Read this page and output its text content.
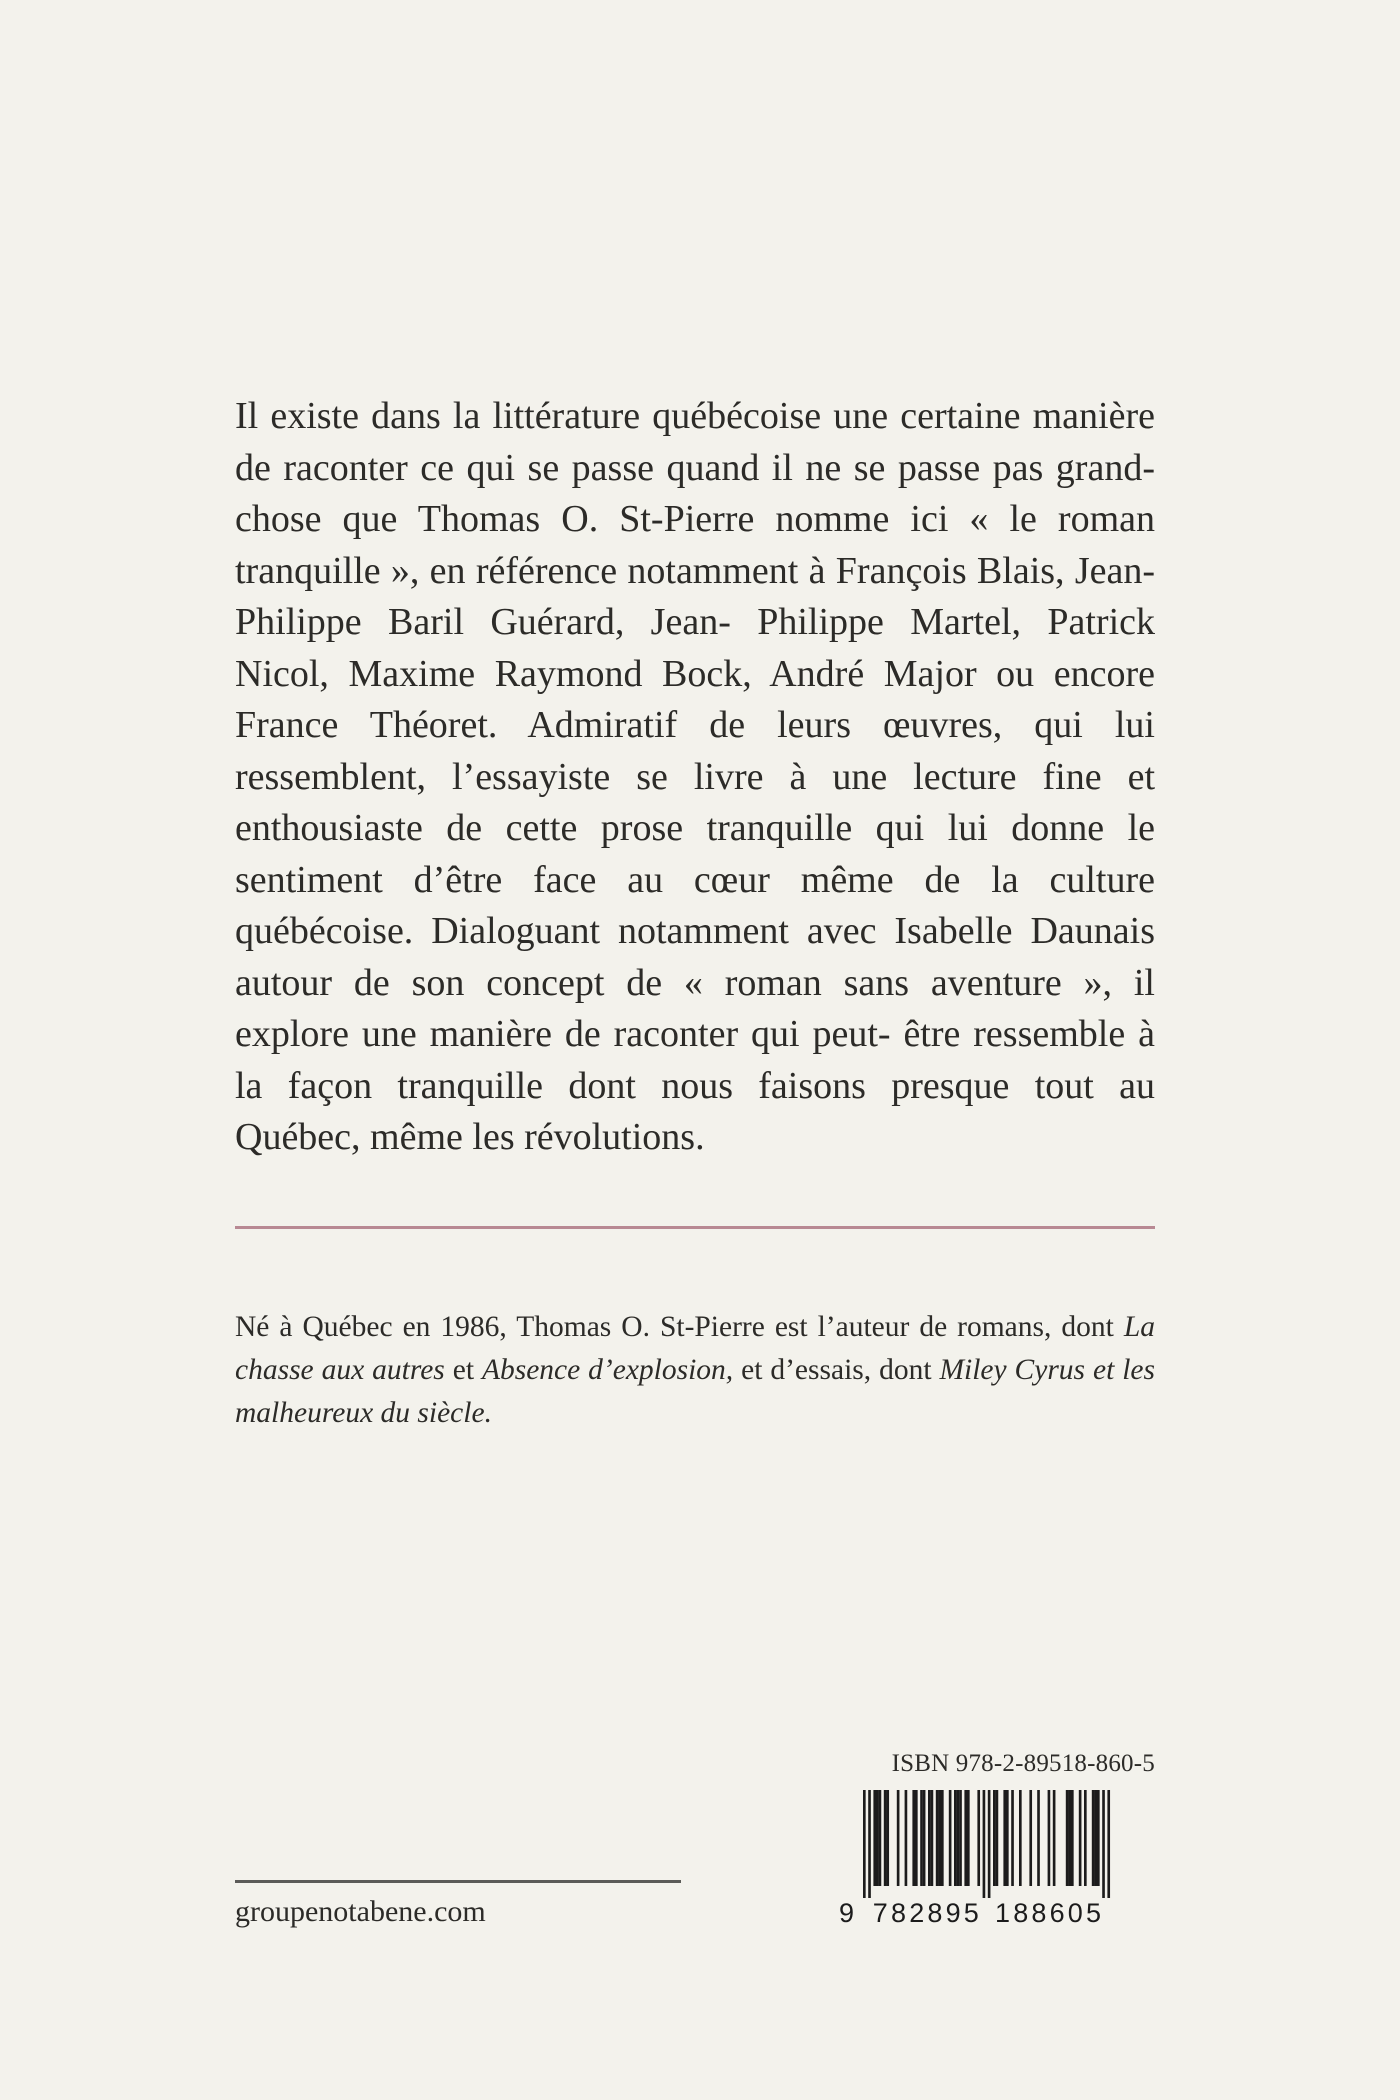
Il existe dans la littérature québécoise une certaine manière de raconter ce qui se passe quand il ne se passe pas grand-chose que Thomas O. St-Pierre nomme ici « le roman tranquille », en référence notamment à François Blais, Jean-Philippe Baril Guérard, Jean- Philippe Martel, Patrick Nicol, Maxime Raymond Bock, André Major ou encore France Théoret. Admiratif de leurs œuvres, qui lui ressemblent, l’essayiste se livre à une lecture fine et enthousiaste de cette prose tranquille qui lui donne le sentiment d’être face au cœur même de la culture québécoise. Dialoguant notamment avec Isabelle Daunais autour de son concept de « roman sans aventure », il explore une manière de raconter qui peut- être ressemble à la façon tranquille dont nous faisons presque tout au Québec, même les révolutions.

Né à Québec en 1986, Thomas O. St-Pierre est l’auteur de romans, dont La chasse aux autres et Absence d’explosion, et d’essais, dont Miley Cyrus et les malheureux du siècle.

ISBN 978-2-89518-860-5
9 7 8 2 8 9 5 1 8 8 6 0 5
groupenotabene.com
